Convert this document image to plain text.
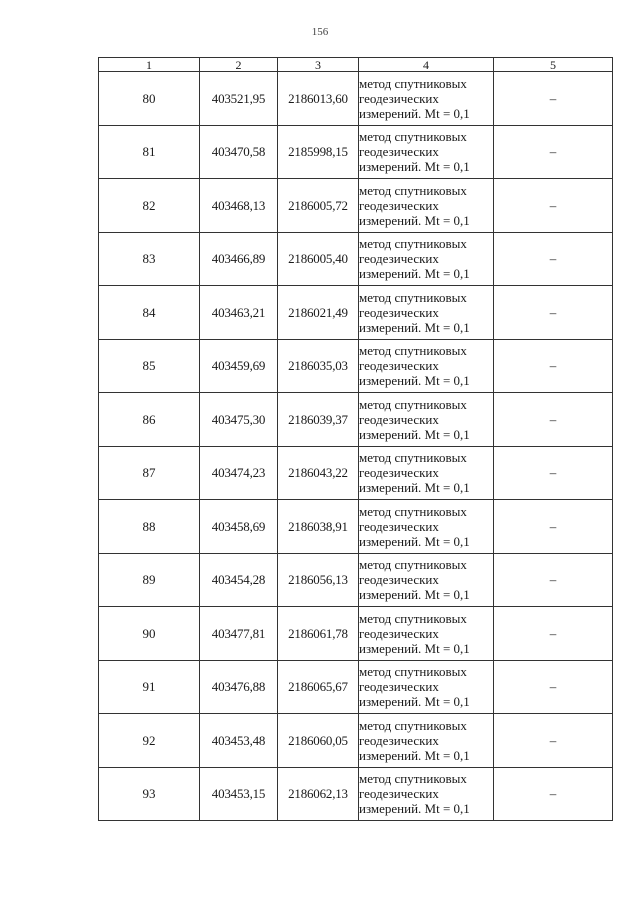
156
1	2	3	4	5
80	403521,95	2186013,60	метод спутниковых
геодезических
измерений. Mt = 0,1	–
81	403470,58	2185998,15	метод спутниковых
геодезических
измерений. Mt = 0,1	–
82	403468,13	2186005,72	метод спутниковых
геодезических
измерений. Mt = 0,1	–
83	403466,89	2186005,40	метод спутниковых
геодезических
измерений. Mt = 0,1	–
84	403463,21	2186021,49	метод спутниковых
геодезических
измерений. Mt = 0,1	–
85	403459,69	2186035,03	метод спутниковых
геодезических
измерений. Mt = 0,1	–
86	403475,30	2186039,37	метод спутниковых
геодезических
измерений. Mt = 0,1	–
87	403474,23	2186043,22	метод спутниковых
геодезических
измерений. Mt = 0,1	–
88	403458,69	2186038,91	метод спутниковых
геодезических
измерений. Mt = 0,1	–
89	403454,28	2186056,13	метод спутниковых
геодезических
измерений. Mt = 0,1	–
90	403477,81	2186061,78	метод спутниковых
геодезических
измерений. Mt = 0,1	–
91	403476,88	2186065,67	метод спутниковых
геодезических
измерений. Mt = 0,1	–
92	403453,48	2186060,05	метод спутниковых
геодезических
измерений. Mt = 0,1	–
93	403453,15	2186062,13	метод спутниковых
геодезических
измерений. Mt = 0,1	–
